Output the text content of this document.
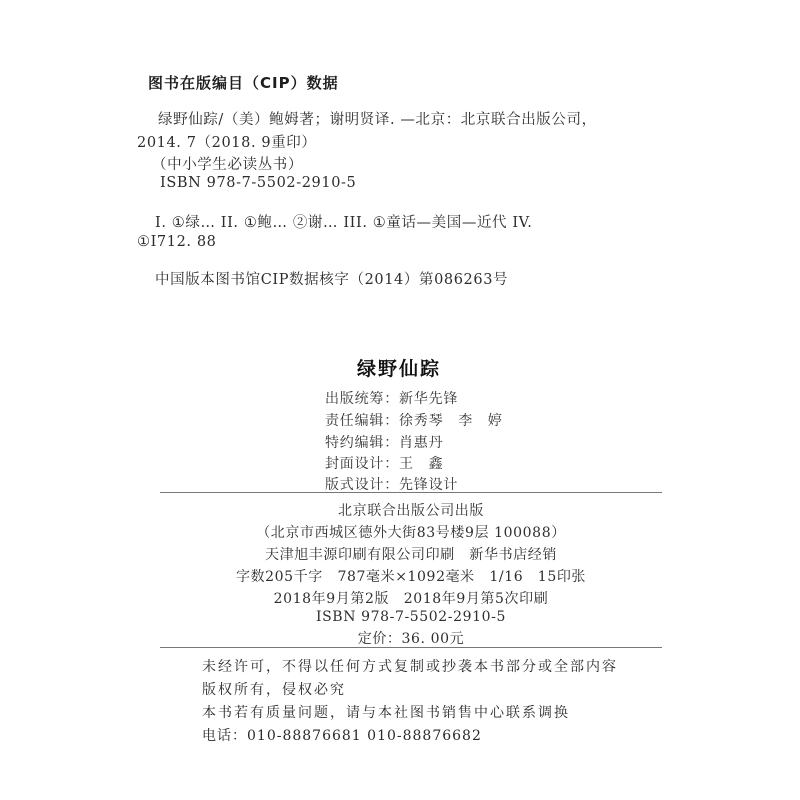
图书在版编目（CIP）数据
绿野仙踪/（美）鲍姆著；谢明贤译. —北京：北京联合出版公司，
2014. 7（2018. 9重印）
（中小学生必读丛书）
ISBN 978-7-5502-2910-5
I. ①绿… II. ①鲍… ②谢… III. ①童话—美国—近代 IV.
①I712. 88
中国版本图书馆CIP数据核字（2014）第086263号
绿野仙踪
出版统筹：新华先锋
责任编辑：徐秀琴　李　婷
特约编辑：肖惠丹
封面设计：王　鑫
版式设计：先锋设计
北京联合出版公司出版
（北京市西城区德外大街83号楼9层 100088）
天津旭丰源印刷有限公司印刷　新华书店经销
字数205千字　787毫米×1092毫米　1/16　15印张
2018年9月第2版　2018年9月第5次印刷
ISBN 978-7-5502-2910-5
定价：36. 00元
未经许可，不得以任何方式复制或抄袭本书部分或全部内容
版权所有，侵权必究
本书若有质量问题，请与本社图书销售中心联系调换
电话：010-88876681 010-88876682
